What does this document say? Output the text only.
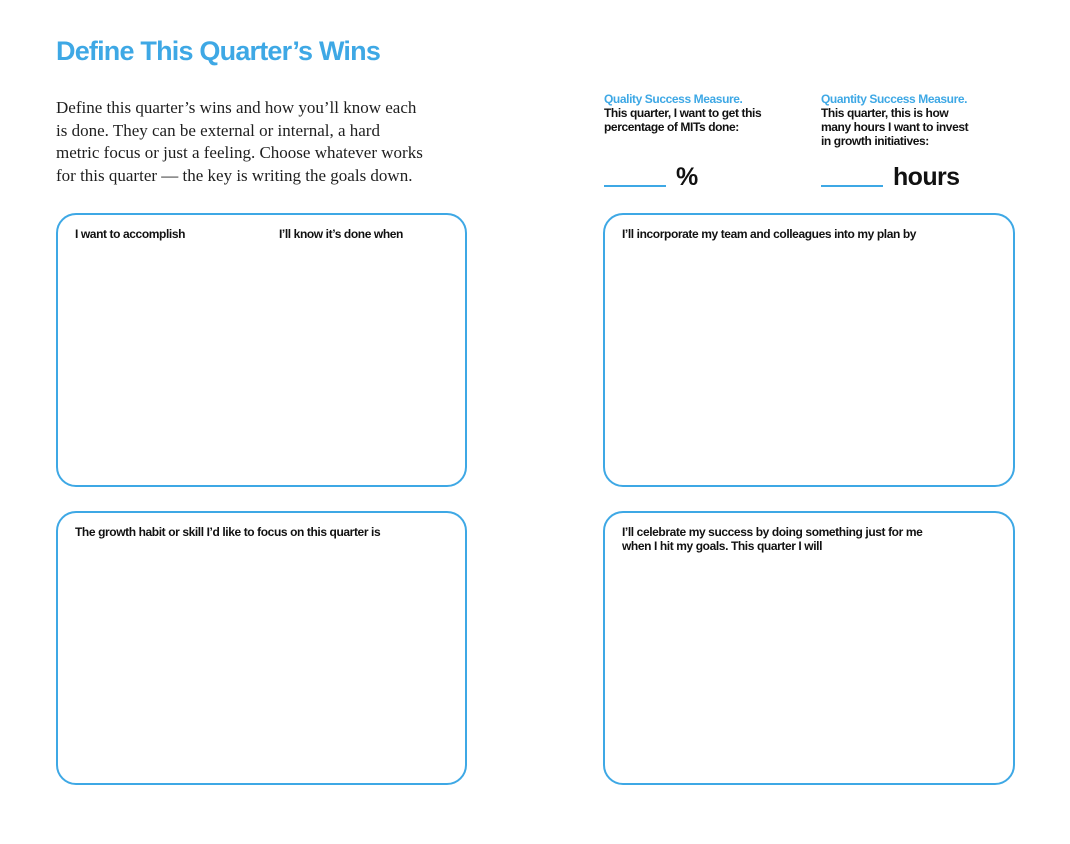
Define This Quarter’s Wins

Define this quarter’s wins and how you’ll know each
is done. They can be external or internal, a hard
metric focus or just a feeling. Choose whatever works
for this quarter — the key is writing the goals down.

Quality Success Measure.
This quarter, I want to get this
percentage of MITs done:
%
Quantity Success Measure.
This quarter, this is how
many hours I want to invest
in growth initiatives:
hours
I want to accomplish	I’ll know it’s done when	I’ll incorporate my team and colleagues into my plan by
The growth habit or skill I’d like to focus on this quarter is	I’ll celebrate my success by doing something just for me
when I hit my goals. This quarter I will
